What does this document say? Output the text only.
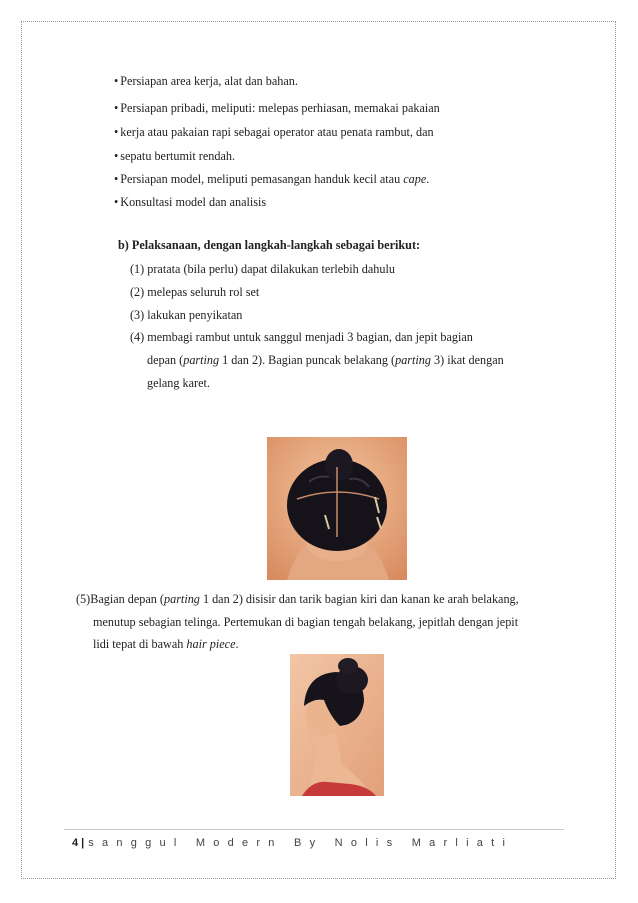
• Persiapan area kerja, alat dan bahan.
• Persiapan pribadi, meliputi: melepas perhiasan, memakai pakaian
• kerja atau pakaian rapi sebagai operator atau penata rambut, dan
• sepatu bertumit rendah.
• Persiapan model, meliputi pemasangan handuk kecil atau cape.
• Konsultasi model dan analisis
b) Pelaksanaan, dengan langkah-langkah sebagai berikut:
(1) pratata (bila perlu) dapat dilakukan terlebih dahulu
(2) melepas seluruh rol set
(3) lakukan penyikatan
(4) membagi rambut untuk sanggul menjadi 3 bagian, dan jepit bagian
depan (parting 1 dan 2). Bagian puncak belakang (parting 3) ikat dengan
gelang karet.
(5)Bagian depan (parting 1 dan 2) disisir dan tarik bagian kiri dan kanan ke arah belakang,
menutup sebagian telinga. Pertemukan di bagian tengah belakang, jepitlah dengan jepit
lidi tepat di bawah hair piece.
4 | s a n g g u l   M o d e r n   B y   N o l i s   M a r l i a t i
